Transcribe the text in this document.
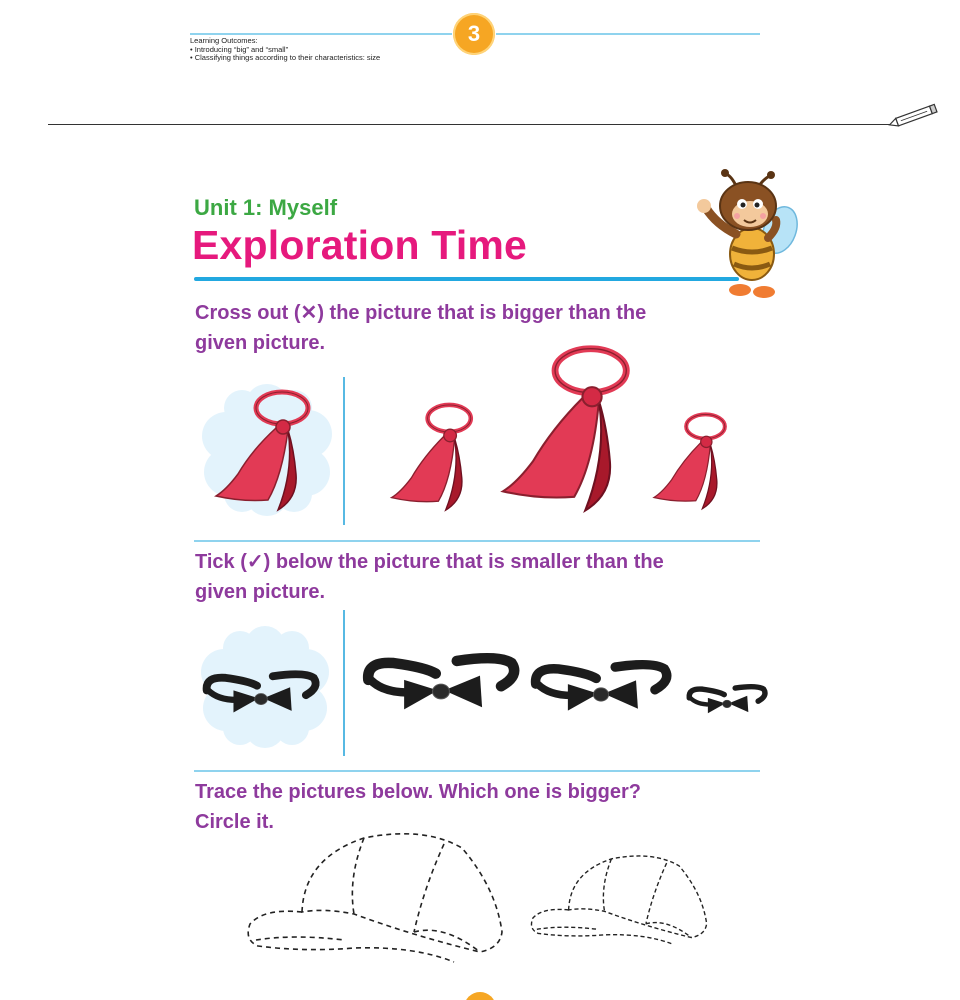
3
Learning Outcomes:
• Introducing “big” and “small”
• Classifying things according to their characteristics: size
Unit 1: Myself
Exploration Time
Cross out (✕) the picture that is bigger than the
given picture.
Tick (✓) below the picture that is smaller than the
given picture.
Trace the pictures below. Which one is bigger?
Circle it.
